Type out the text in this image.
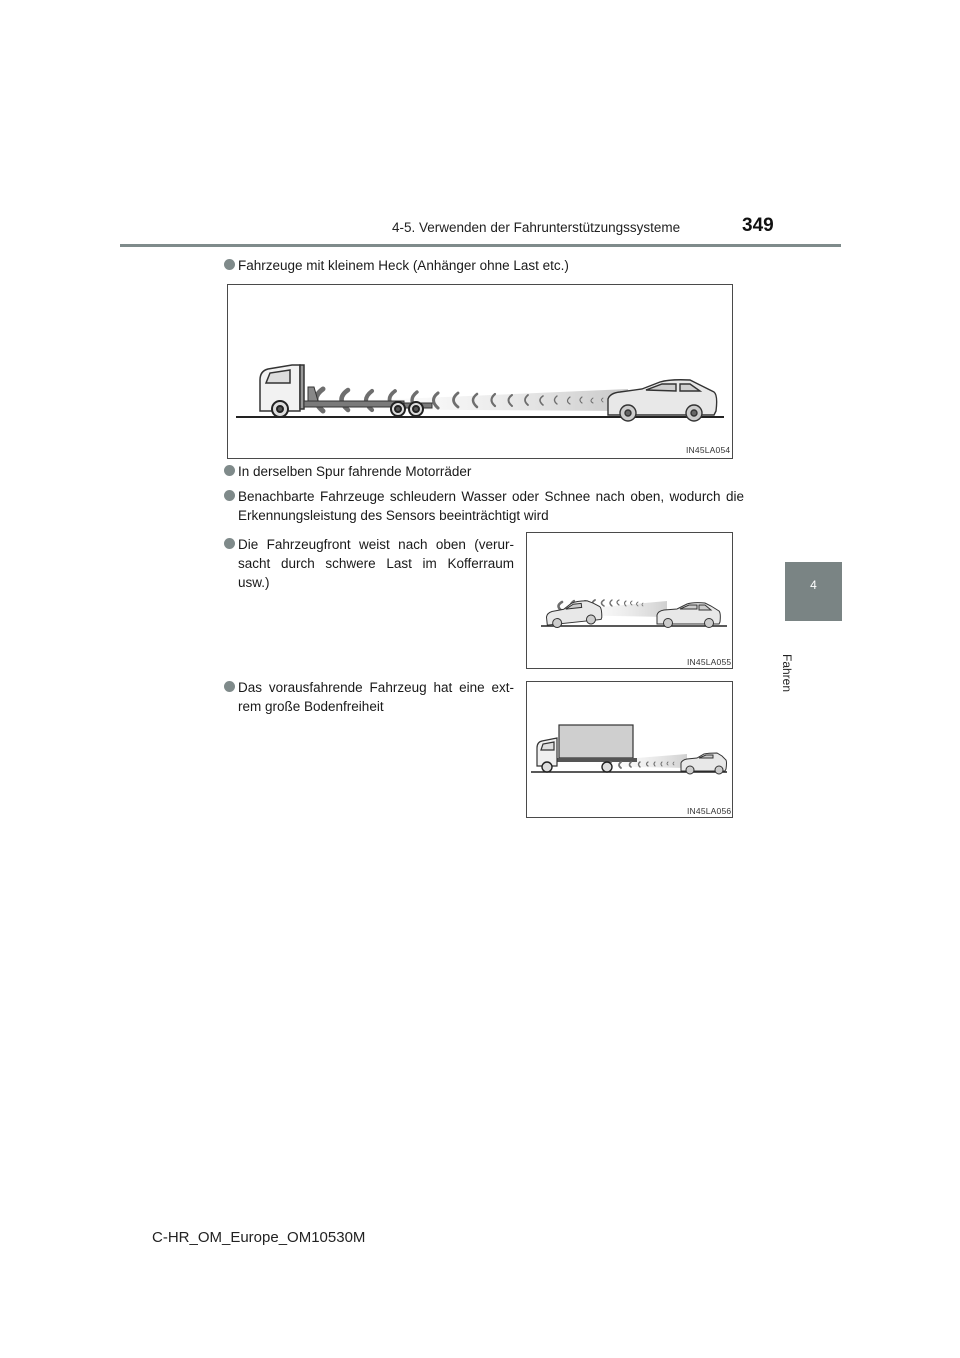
4-5. Verwenden der Fahrunterstützungssysteme	349
4
Fahren
Fahrzeuge mit kleinem Heck (Anhänger ohne Last etc.)
IN45LA054
In derselben Spur fahrende Motorräder
Benachbarte Fahrzeuge schleudern Wasser oder Schnee nach oben, wodurch die
Erkennungsleistung des Sensors beeinträchtigt wird
Die Fahrzeugfront weist nach oben (verur-
sacht durch schwere Last im Kofferraum
usw.)
IN45LA055
Das vorausfahrende Fahrzeug hat eine ext-
rem große Bodenfreiheit
IN45LA056
C-HR_OM_Europe_OM10530M
